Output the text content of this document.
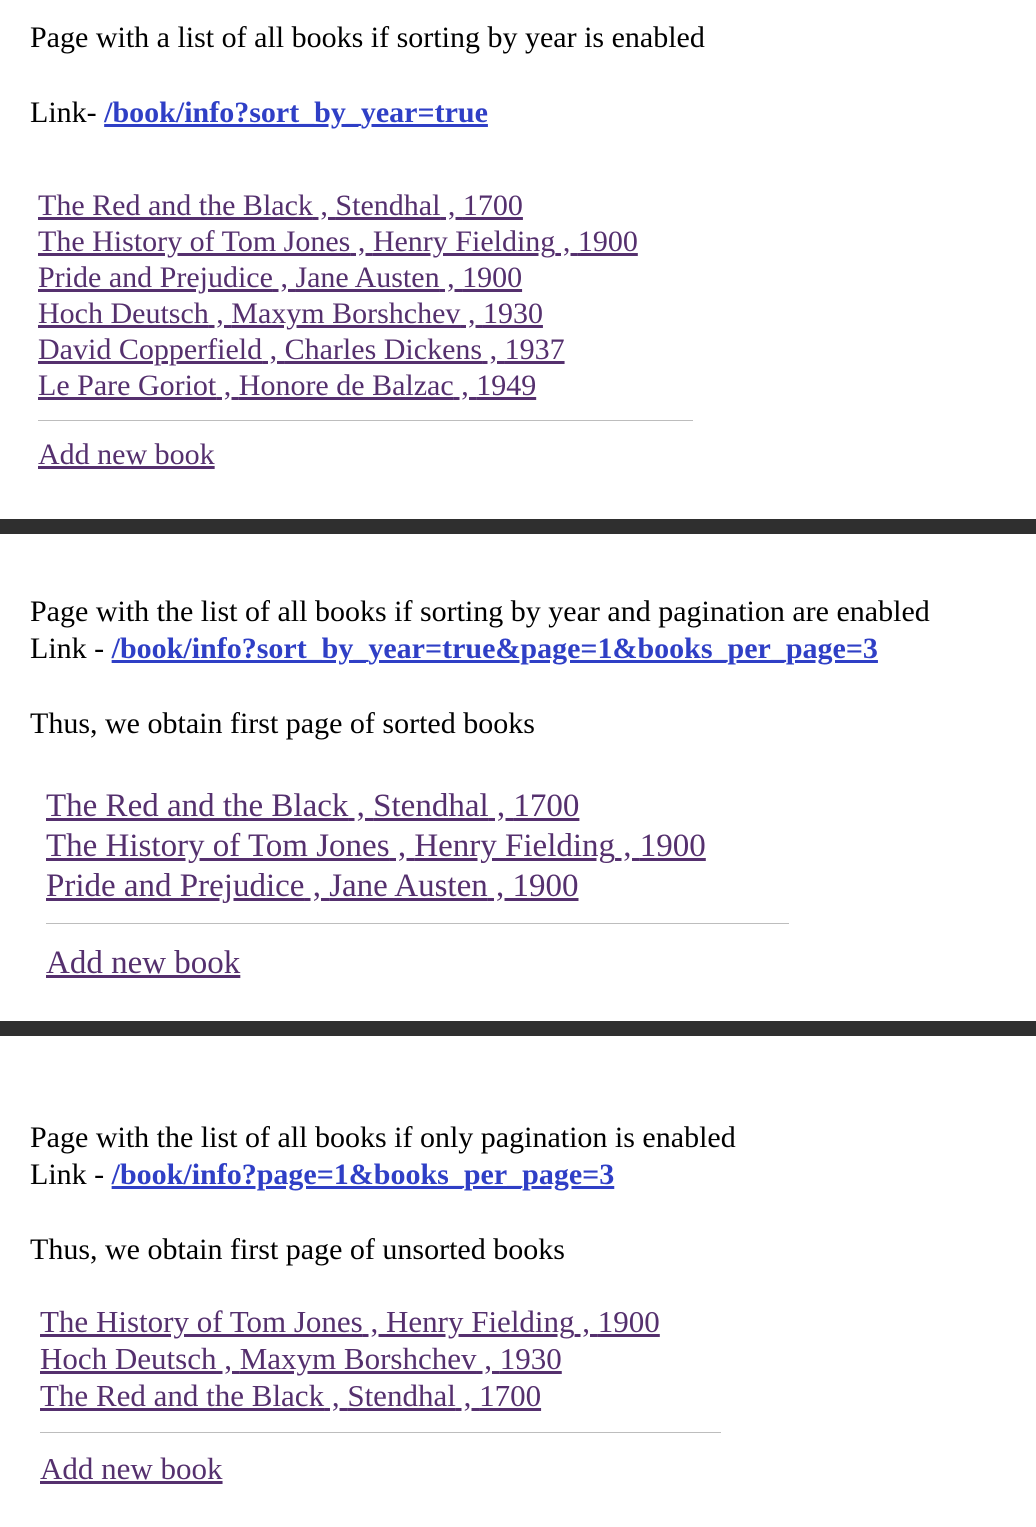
Page with a list of all books if sorting by year is enabled
Link- /book/info?sort_by_year=true
The Red and the Black , Stendhal , 1700
The History of Tom Jones , Henry Fielding , 1900
Pride and Prejudice , Jane Austen , 1900
Hoch Deutsch , Maxym Borshchev , 1930
David Copperfield , Charles Dickens , 1937
Le Pare Goriot , Honore de Balzac , 1949
Add new book
Page with the list of all books if sorting by year and pagination are enabled
Link - /book/info?sort_by_year=true&page=1&books_per_page=3
Thus, we obtain first page of sorted books
The Red and the Black , Stendhal , 1700
The History of Tom Jones , Henry Fielding , 1900
Pride and Prejudice , Jane Austen , 1900
Add new book
Page with the list of all books if only pagination is enabled
Link - /book/info?page=1&books_per_page=3
Thus, we obtain first page of unsorted books
The History of Tom Jones , Henry Fielding , 1900
Hoch Deutsch , Maxym Borshchev , 1930
The Red and the Black , Stendhal , 1700
Add new book
